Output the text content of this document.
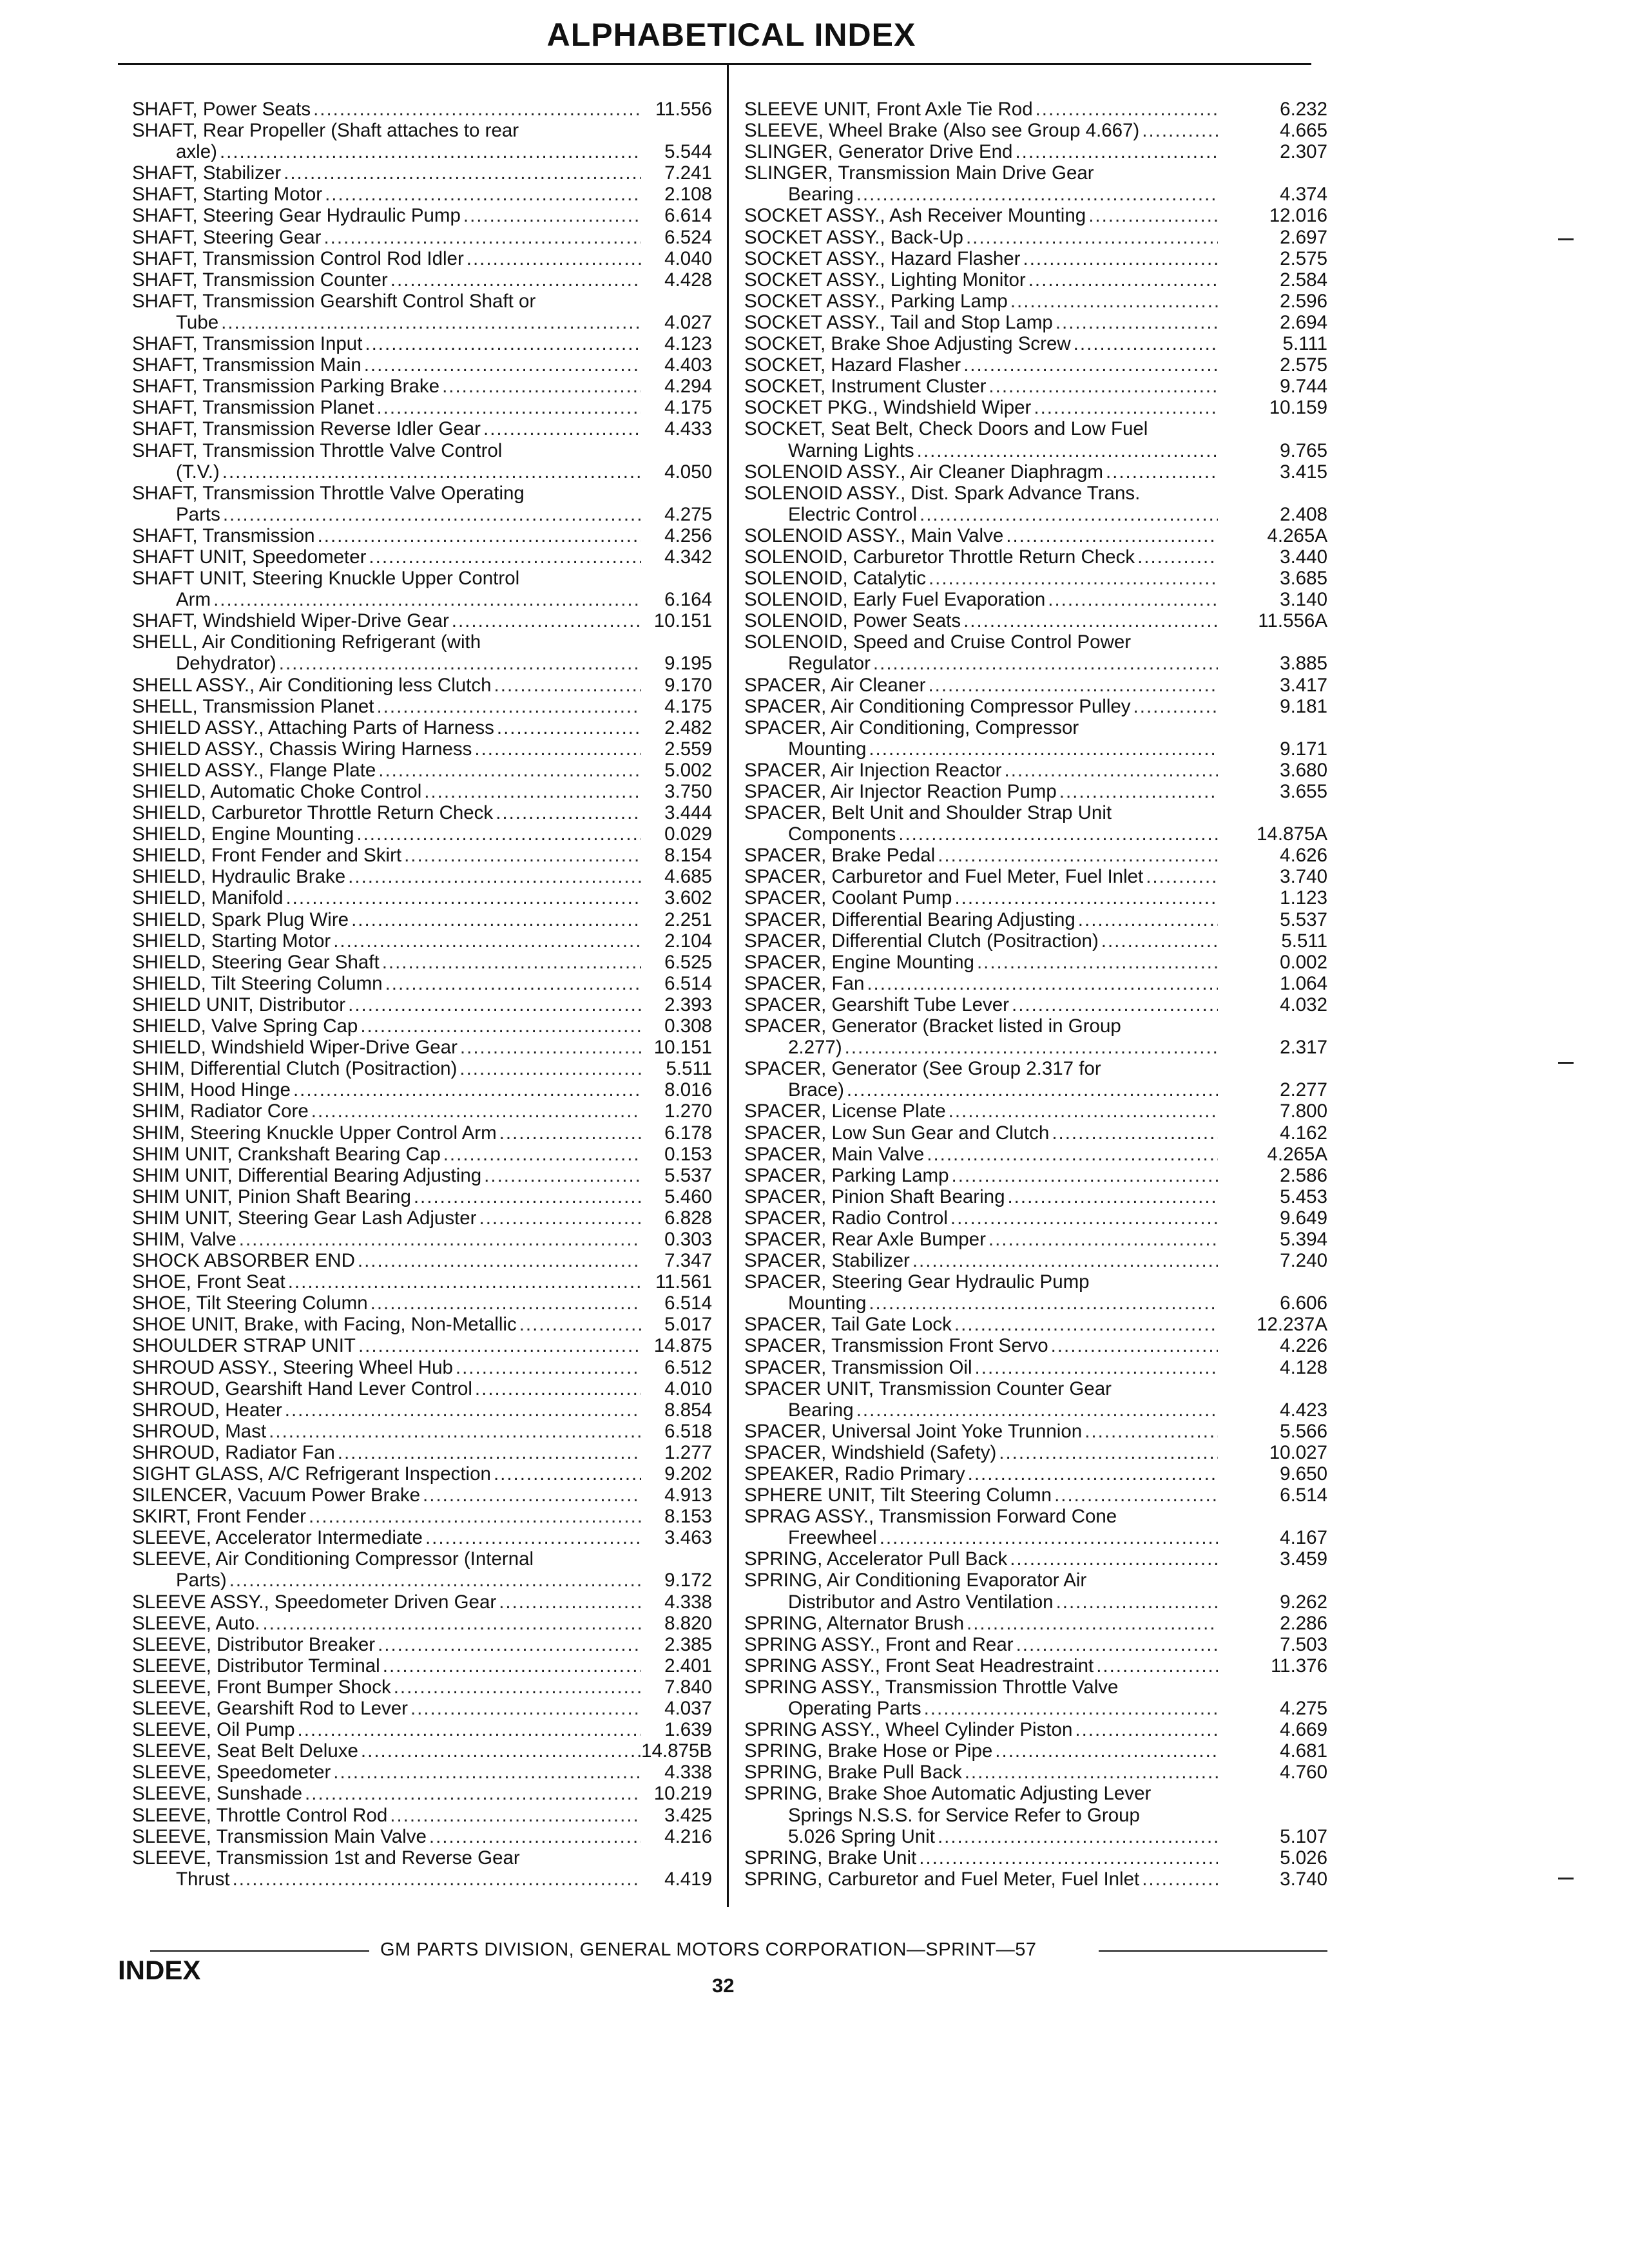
ALPHABETICAL INDEX
SHAFT, Power Seats .....	11.556
SHAFT, Rear Propeller (Shaft attaches to rear
axle) .....	5.544
SHAFT, Stabilizer .....	7.241
SHAFT, Starting Motor .....	2.108
SHAFT, Steering Gear Hydraulic Pump .....	6.614
SHAFT, Steering Gear .....	6.524
SHAFT, Transmission Control Rod Idler .....	4.040
SHAFT, Transmission Counter .....	4.428
SHAFT, Transmission Gearshift Control Shaft or
Tube .....	4.027
SHAFT, Transmission Input .....	4.123
SHAFT, Transmission Main .....	4.403
SHAFT, Transmission Parking Brake .....	4.294
SHAFT, Transmission Planet .....	4.175
SHAFT, Transmission Reverse Idler Gear .....	4.433
SHAFT, Transmission Throttle Valve Control
(T.V.) .....	4.050
SHAFT, Transmission Throttle Valve Operating
Parts .....	4.275
SHAFT, Transmission .....	4.256
SHAFT UNIT, Speedometer .....	4.342
SHAFT UNIT, Steering Knuckle Upper Control
Arm .....	6.164
SHAFT, Windshield Wiper-Drive Gear .....	10.151
SHELL, Air Conditioning Refrigerant (with
Dehydrator) .....	9.195
SHELL ASSY., Air Conditioning less Clutch .....	9.170
SHELL, Transmission Planet .....	4.175
SHIELD ASSY., Attaching Parts of Harness .....	2.482
SHIELD ASSY., Chassis Wiring Harness .....	2.559
SHIELD ASSY., Flange Plate .....	5.002
SHIELD, Automatic Choke Control .....	3.750
SHIELD, Carburetor Throttle Return Check .....	3.444
SHIELD, Engine Mounting .....	0.029
SHIELD, Front Fender and Skirt .....	8.154
SHIELD, Hydraulic Brake .....	4.685
SHIELD, Manifold .....	3.602
SHIELD, Spark Plug Wire .....	2.251
SHIELD, Starting Motor .....	2.104
SHIELD, Steering Gear Shaft .....	6.525
SHIELD, Tilt Steering Column .....	6.514
SHIELD UNIT, Distributor .....	2.393
SHIELD, Valve Spring Cap .....	0.308
SHIELD, Windshield Wiper-Drive Gear .....	10.151
SHIM, Differential Clutch (Positraction) .....	5.511
SHIM, Hood Hinge .....	8.016
SHIM, Radiator Core .....	1.270
SHIM, Steering Knuckle Upper Control Arm .....	6.178
SHIM UNIT, Crankshaft Bearing Cap .....	0.153
SHIM UNIT, Differential Bearing Adjusting .....	5.537
SHIM UNIT, Pinion Shaft Bearing .....	5.460
SHIM UNIT, Steering Gear Lash Adjuster .....	6.828
SHIM, Valve .....	0.303
SHOCK ABSORBER END .....	7.347
SHOE, Front Seat .....	11.561
SHOE, Tilt Steering Column .....	6.514
SHOE UNIT, Brake, with Facing, Non-Metallic .....	5.017
SHOULDER STRAP UNIT .....	14.875
SHROUD ASSY., Steering Wheel Hub .....	6.512
SHROUD, Gearshift Hand Lever Control .....	4.010
SHROUD, Heater .....	8.854
SHROUD, Mast .....	6.518
SHROUD, Radiator Fan .....	1.277
SIGHT GLASS, A/C Refrigerant Inspection .....	9.202
SILENCER, Vacuum Power Brake .....	4.913
SKIRT, Front Fender .....	8.153
SLEEVE, Accelerator Intermediate .....	3.463
SLEEVE, Air Conditioning Compressor (Internal
Parts) .....	9.172
SLEEVE ASSY., Speedometer Driven Gear .....	4.338
SLEEVE, Auto. .....	8.820
SLEEVE, Distributor Breaker .....	2.385
SLEEVE, Distributor Terminal .....	2.401
SLEEVE, Front Bumper Shock .....	7.840
SLEEVE, Gearshift Rod to Lever .....	4.037
SLEEVE, Oil Pump .....	1.639
SLEEVE, Seat Belt Deluxe .....	14.875B
SLEEVE, Speedometer .....	4.338
SLEEVE, Sunshade .....	10.219
SLEEVE, Throttle Control Rod .....	3.425
SLEEVE, Transmission Main Valve .....	4.216
SLEEVE, Transmission 1st and Reverse Gear
Thrust .....	4.419
SLEEVE UNIT, Front Axle Tie Rod .....	6.232
SLEEVE, Wheel Brake (Also see Group 4.667) .....	4.665
SLINGER, Generator Drive End .....	2.307
SLINGER, Transmission Main Drive Gear
Bearing .....	4.374
SOCKET ASSY., Ash Receiver Mounting .....	12.016
SOCKET ASSY., Back-Up .....	2.697
SOCKET ASSY., Hazard Flasher .....	2.575
SOCKET ASSY., Lighting Monitor .....	2.584
SOCKET ASSY., Parking Lamp .....	2.596
SOCKET ASSY., Tail and Stop Lamp .....	2.694
SOCKET, Brake Shoe Adjusting Screw .....	5.111
SOCKET, Hazard Flasher .....	2.575
SOCKET, Instrument Cluster .....	9.744
SOCKET PKG., Windshield Wiper .....	10.159
SOCKET, Seat Belt, Check Doors and Low Fuel
Warning Lights .....	9.765
SOLENOID ASSY., Air Cleaner Diaphragm .....	3.415
SOLENOID ASSY., Dist. Spark Advance Trans.
Electric Control .....	2.408
SOLENOID ASSY., Main Valve .....	4.265A
SOLENOID, Carburetor Throttle Return Check .....	3.440
SOLENOID, Catalytic .....	3.685
SOLENOID, Early Fuel Evaporation .....	3.140
SOLENOID, Power Seats .....	11.556A
SOLENOID, Speed and Cruise Control Power
Regulator .....	3.885
SPACER, Air Cleaner .....	3.417
SPACER, Air Conditioning Compressor Pulley .....	9.181
SPACER, Air Conditioning, Compressor
Mounting .....	9.171
SPACER, Air Injection Reactor .....	3.680
SPACER, Air Injector Reaction Pump .....	3.655
SPACER, Belt Unit and Shoulder Strap Unit
Components .....	14.875A
SPACER, Brake Pedal .....	4.626
SPACER, Carburetor and Fuel Meter, Fuel Inlet .....	3.740
SPACER, Coolant Pump .....	1.123
SPACER, Differential Bearing Adjusting .....	5.537
SPACER, Differential Clutch (Positraction) .....	5.511
SPACER, Engine Mounting .....	0.002
SPACER, Fan .....	1.064
SPACER, Gearshift Tube Lever .....	4.032
SPACER, Generator (Bracket listed in Group
2.277) .....	2.317
SPACER, Generator (See Group 2.317 for
Brace) .....	2.277
SPACER, License Plate .....	7.800
SPACER, Low Sun Gear and Clutch .....	4.162
SPACER, Main Valve .....	4.265A
SPACER, Parking Lamp .....	2.586
SPACER, Pinion Shaft Bearing .....	5.453
SPACER, Radio Control .....	9.649
SPACER, Rear Axle Bumper .....	5.394
SPACER, Stabilizer .....	7.240
SPACER, Steering Gear Hydraulic Pump
Mounting .....	6.606
SPACER, Tail Gate Lock .....	12.237A
SPACER, Transmission Front Servo .....	4.226
SPACER, Transmission Oil .....	4.128
SPACER UNIT, Transmission Counter Gear
Bearing .....	4.423
SPACER, Universal Joint Yoke Trunnion .....	5.566
SPACER, Windshield (Safety) .....	10.027
SPEAKER, Radio Primary .....	9.650
SPHERE UNIT, Tilt Steering Column .....	6.514
SPRAG ASSY., Transmission Forward Cone
Freewheel .....	4.167
SPRING, Accelerator Pull Back .....	3.459
SPRING, Air Conditioning Evaporator Air
Distributor and Astro Ventilation .....	9.262
SPRING, Alternator Brush .....	2.286
SPRING ASSY., Front and Rear .....	7.503
SPRING ASSY., Front Seat Headrestraint .....	11.376
SPRING ASSY., Transmission Throttle Valve
Operating Parts .....	4.275
SPRING ASSY., Wheel Cylinder Piston .....	4.669
SPRING, Brake Hose or Pipe .....	4.681
SPRING, Brake Pull Back .....	4.760
SPRING, Brake Shoe Automatic Adjusting Lever
Springs N.S.S. for Service Refer to Group
5.026 Spring Unit .....	5.107
SPRING, Brake Unit .....	5.026
SPRING, Carburetor and Fuel Meter, Fuel Inlet .....	3.740
GM PARTS DIVISION, GENERAL MOTORS CORPORATION—SPRINT—57
INDEX
32
